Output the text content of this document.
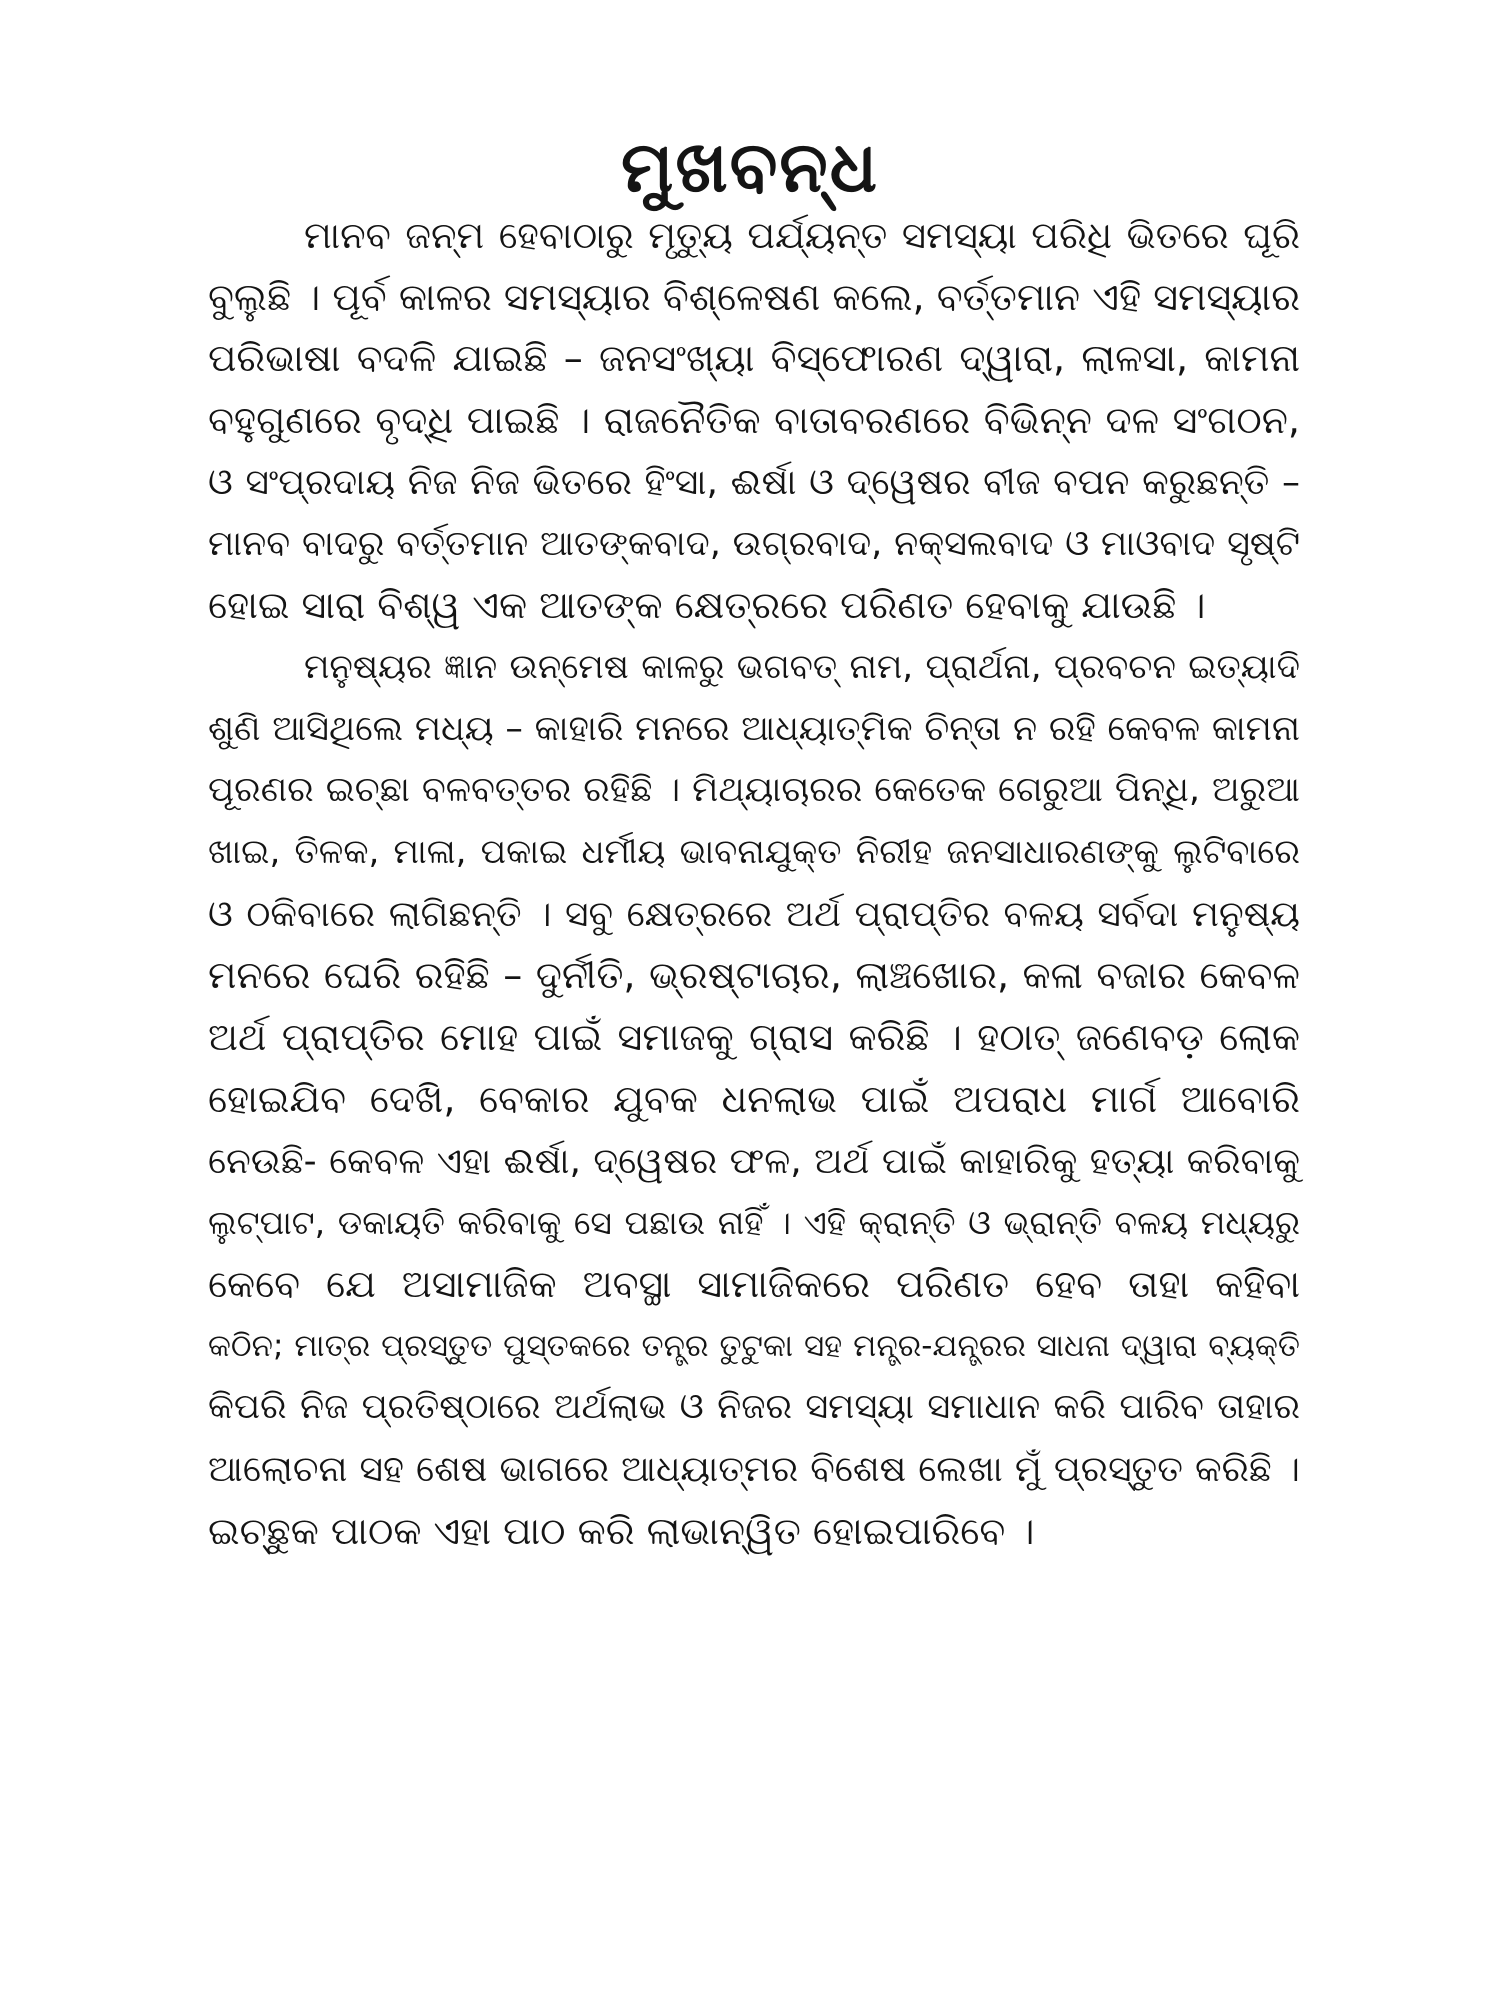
ମୁଖବନ୍ଧ
ମାନବ ଜନ୍ମ ହେବାଠାରୁ ମୃତ୍ୟୁ ପର୍ଯ୍ୟନ୍ତ ସମସ୍ୟା ପରିଧି ଭିତରେ ଘୂରି
ବୁଲୁଛି । ପୂର୍ବ କାଳର ସମସ୍ୟାର ବିଶ୍ଳେଷଣ କଲେ, ବର୍ତ୍ତମାନ ଏହି ସମସ୍ୟାର
ପରିଭାଷା ବଦଳି ଯାଇଛି – ଜନସଂଖ୍ୟା ବିସ୍ଫୋରଣ ଦ୍ୱାରା, ଲାଳସା, କାମନା
ବହୁଗୁଣରେ ବୃଦ୍ଧି ପାଇଛି । ରାଜନୈତିକ ବାତାବରଣରେ ବିଭିନ୍ନ ଦଳ ସଂଗଠନ,
ଓ ସଂପ୍ରଦାୟ ନିଜ ନିଜ ଭିତରେ ହିଂସା, ଈର୍ଷା ଓ ଦ୍ୱେଷର ବୀଜ ବପନ କରୁଛନ୍ତି –
ମାନବ ବାଦରୁ ବର୍ତ୍ତମାନ ଆତଙ୍କବାଦ, ଉଗ୍ରବାଦ, ନକ୍ସଲବାଦ ଓ ମାଓବାଦ ସୃଷ୍ଟି
ହୋଇ ସାରା ବିଶ୍ୱ ଏକ ଆତଙ୍କ କ୍ଷେତ୍ରରେ ପରିଣତ ହେବାକୁ ଯାଉଛି ।
ମନୁଷ୍ୟର ଜ୍ଞାନ ଉନ୍ମେଷ କାଳରୁ ଭଗବତ୍ ନାମ, ପ୍ରାର୍ଥନା, ପ୍ରବଚନ ଇତ୍ୟାଦି
ଶୁଣି ଆସିଥିଲେ ମଧ୍ୟ – କାହାରି ମନରେ ଆଧ୍ୟାତ୍ମିକ ଚିନ୍ତା ନ ରହି କେବଳ କାମନା
ପୂରଣର ଇଚ୍ଛା ବଳବତ୍ତର ରହିଛି । ମିଥ୍ୟାଚାରର କେତେକ ଗେରୁଆ ପିନ୍ଧି, ଅରୁଆ
ଖାଇ, ତିଳକ, ମାଳା, ପକାଇ ଧର୍ମୀୟ ଭାବନାଯୁକ୍ତ ନିରୀହ ଜନସାଧାରଣଙ୍କୁ ଲୁଟିବାରେ
ଓ ଠକିବାରେ ଲାଗିଛନ୍ତି । ସବୁ କ୍ଷେତ୍ରରେ ଅର୍ଥ ପ୍ରାପ୍ତିର ବଳୟ ସର୍ବଦା ମନୁଷ୍ୟ
ମନରେ ଘେରି ରହିଛି – ଦୁର୍ନୀତି, ଭ୍ରଷ୍ଟାଚାର, ଲାଞ୍ଚଖୋର, କଳା ବଜାର କେବଳ
ଅର୍ଥ ପ୍ରାପ୍ତିର ମୋହ ପାଇଁ ସମାଜକୁ ଗ୍ରାସ କରିଛି । ହଠାତ୍ ଜଣେବଡ଼ ଲୋକ
ହୋଇଯିବ ଦେଖି, ବେକାର ଯୁବକ ଧନଲାଭ ପାଇଁ ଅପରାଧ ମାର୍ଗ ଆବୋରି
ନେଉଛି- କେବଳ ଏହା ଈର୍ଷା, ଦ୍ୱେଷର ଫଳ, ଅର୍ଥ ପାଇଁ କାହାରିକୁ ହତ୍ୟା କରିବାକୁ
ଲୁଟ୍‌ପାଟ, ଡକାୟତି କରିବାକୁ ସେ ପଛାଉ ନାହିଁ । ଏହି କ୍ରାନ୍ତି ଓ ଭ୍ରାନ୍ତି ବଳୟ ମଧ୍ୟରୁ
କେବେ ଯେ ଅସାମାଜିକ ଅବସ୍ଥା ସାମାଜିକରେ ପରିଣତ ହେବ ତାହା କହିବା
କଠିନ; ମାତ୍ର ପ୍ରସ୍ତୁତ ପୁସ୍ତକରେ ତନ୍ତ୍ର ତୁଟୁକା ସହ ମନ୍ତ୍ର-ଯନ୍ତ୍ରର ସାଧନା ଦ୍ୱାରା ବ୍ୟକ୍ତି
କିପରି ନିଜ ପ୍ରତିଷ୍ଠାରେ ଅର୍ଥଲାଭ ଓ ନିଜର ସମସ୍ୟା ସମାଧାନ କରି ପାରିବ ତାହାର
ଆଲୋଚନା ସହ ଶେଷ ଭାଗରେ ଆଧ୍ୟାତ୍ମର ବିଶେଷ ଲେଖା ମୁଁ ପ୍ରସ୍ତୁତ କରିଛି ।
ଇଚ୍ଛୁକ ପାଠକ ଏହା ପାଠ କରି ଲାଭାନ୍ୱିତ ହୋଇପାରିବେ ।
